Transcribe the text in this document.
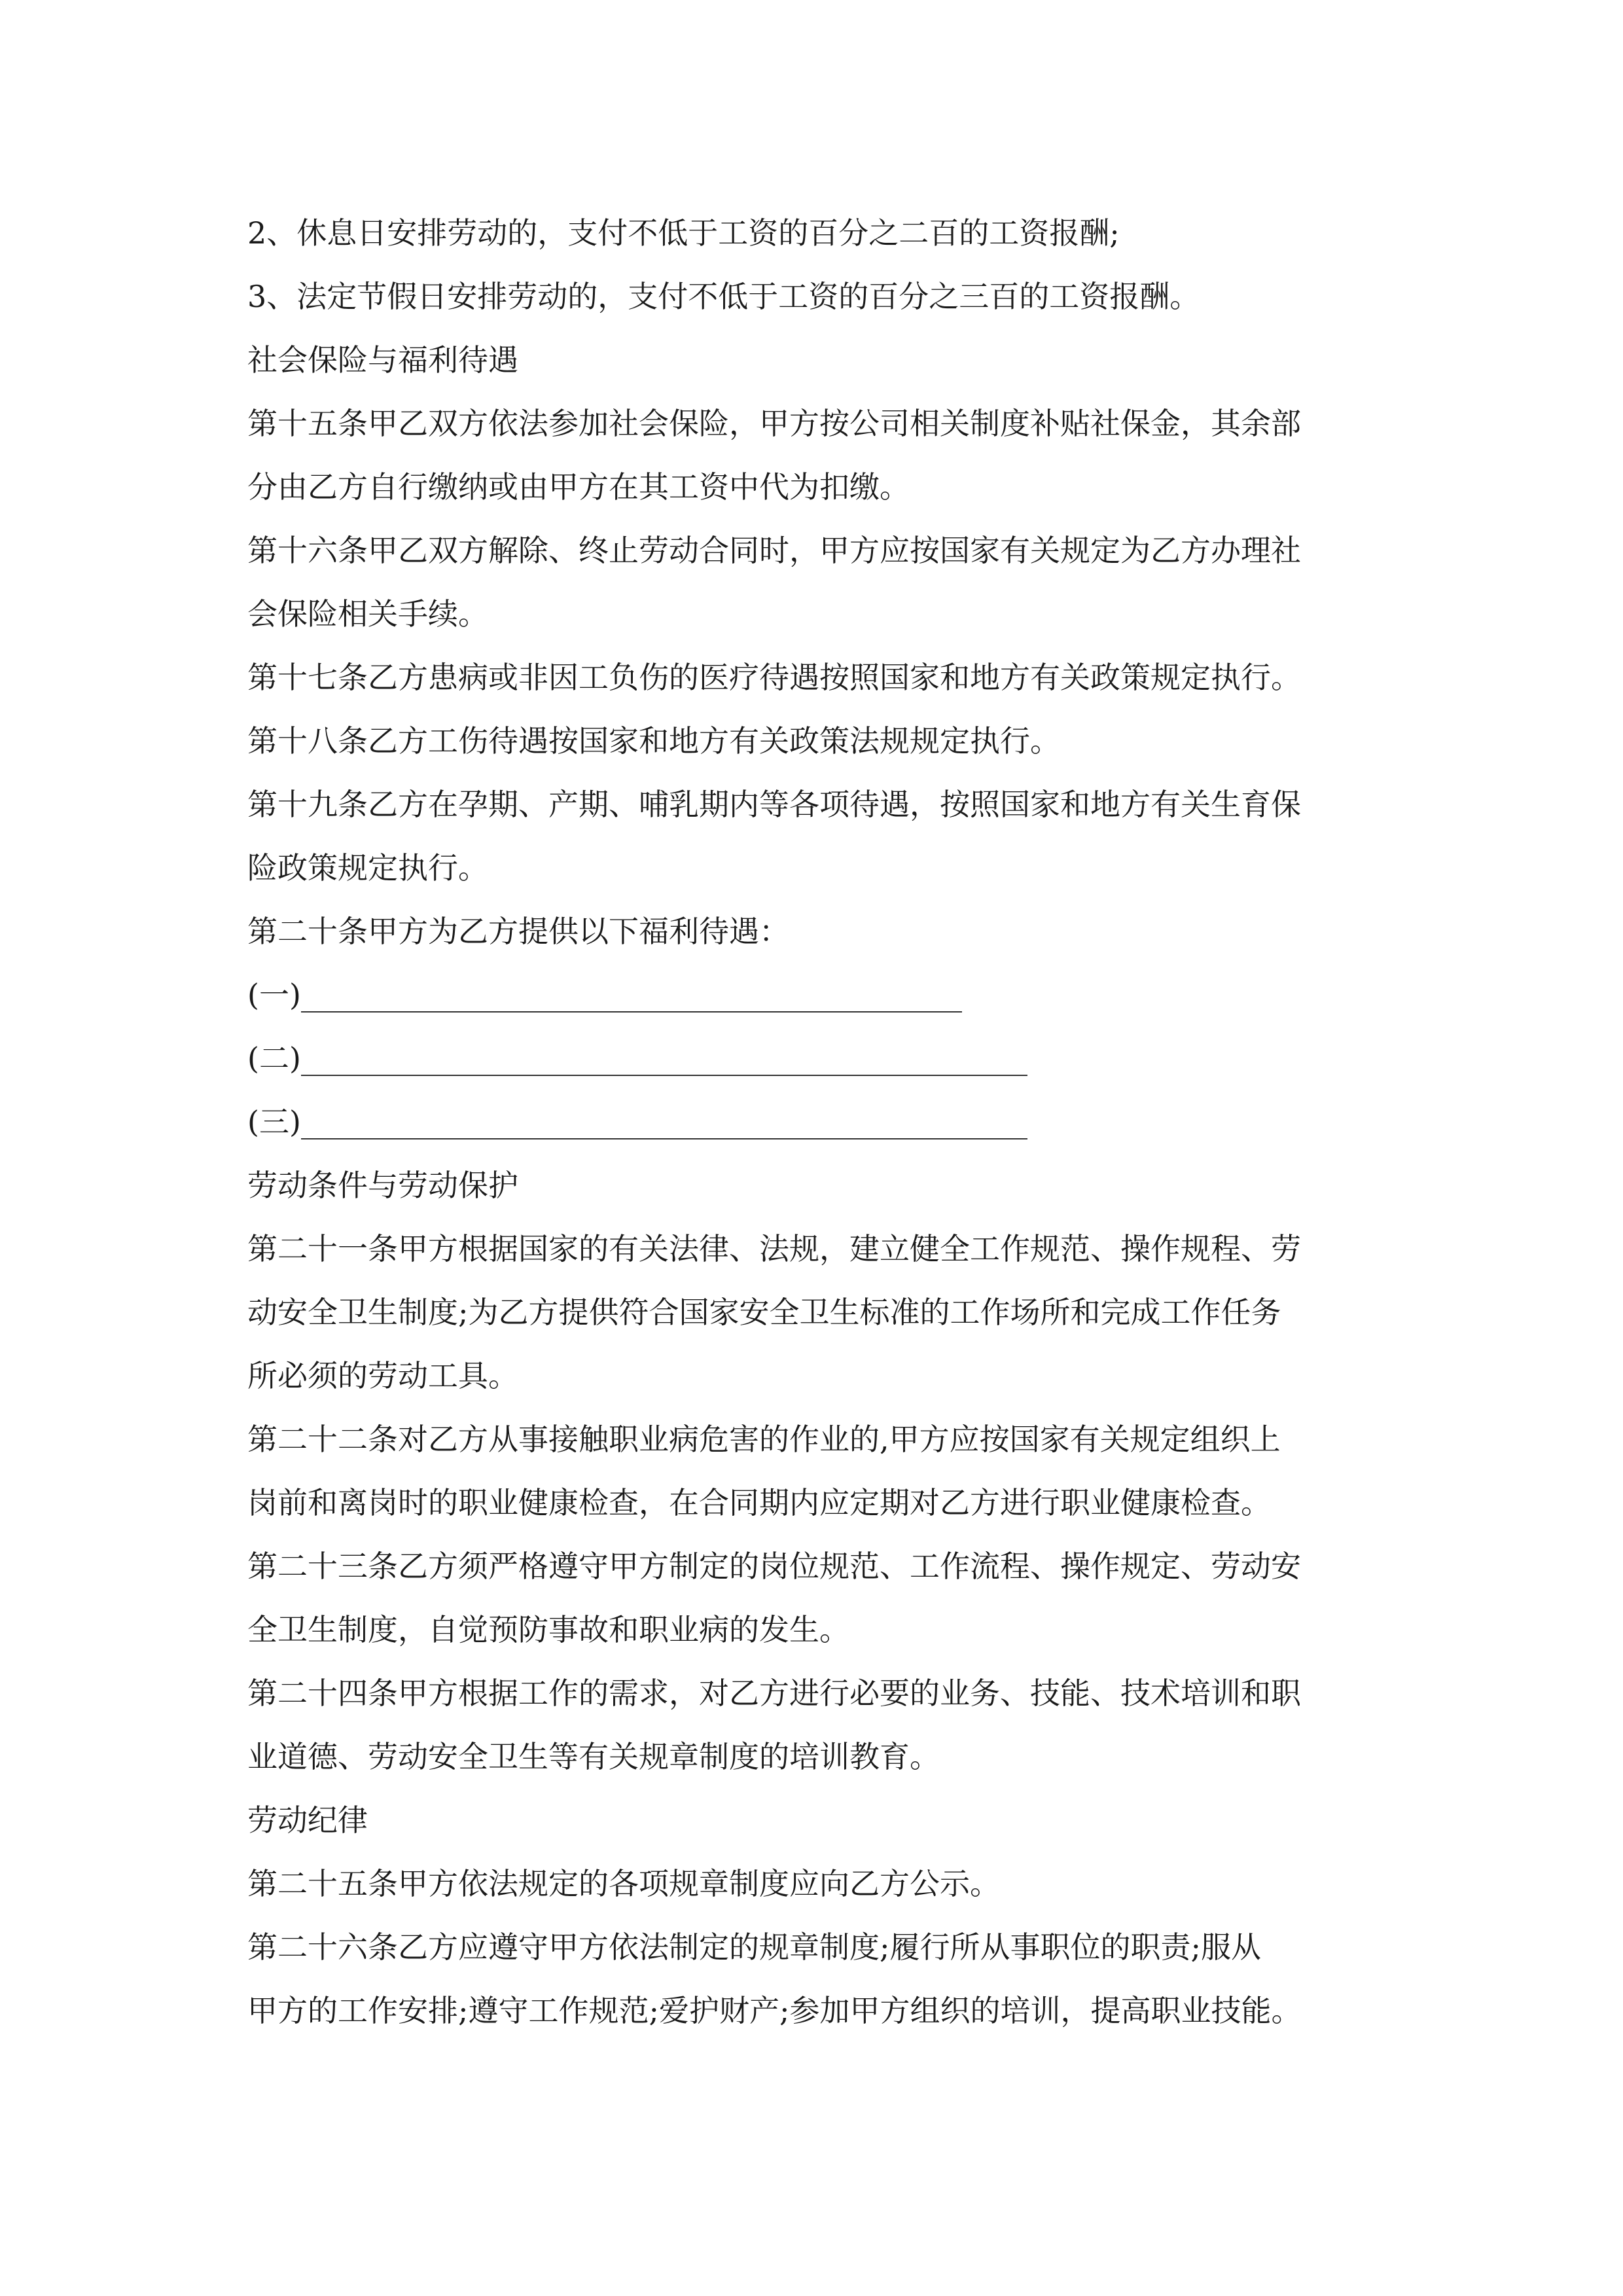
2、休息日安排劳动的，支付不低于工资的百分之二百的工资报酬;

3、法定节假日安排劳动的，支付不低于工资的百分之三百的工资报酬。

社会保险与福利待遇

第十五条甲乙双方依法参加社会保险，甲方按公司相关制度补贴社保金，其余部

分由乙方自行缴纳或由甲方在其工资中代为扣缴。

第十六条甲乙双方解除、终止劳动合同时，甲方应按国家有关规定为乙方办理社

会保险相关手续。

第十七条乙方患病或非因工负伤的医疗待遇按照国家和地方有关政策规定执行。

第十八条乙方工伤待遇按国家和地方有关政策法规规定执行。

第十九条乙方在孕期、产期、哺乳期内等各项待遇，按照国家和地方有关生育保

险政策规定执行。

第二十条甲方为乙方提供以下福利待遇：

(一)
(二)
(三)

劳动条件与劳动保护

第二十一条甲方根据国家的有关法律、法规，建立健全工作规范、操作规程、劳

动安全卫生制度;为乙方提供符合国家安全卫生标准的工作场所和完成工作任务

所必须的劳动工具。

第二十二条对乙方从事接触职业病危害的作业的,甲方应按国家有关规定组织上

岗前和离岗时的职业健康检查，在合同期内应定期对乙方进行职业健康检查。

第二十三条乙方须严格遵守甲方制定的岗位规范、工作流程、操作规定、劳动安

全卫生制度，自觉预防事故和职业病的发生。

第二十四条甲方根据工作的需求，对乙方进行必要的业务、技能、技术培训和职

业道德、劳动安全卫生等有关规章制度的培训教育。

劳动纪律

第二十五条甲方依法规定的各项规章制度应向乙方公示。

第二十六条乙方应遵守甲方依法制定的规章制度;履行所从事职位的职责;服从

甲方的工作安排;遵守工作规范;爱护财产;参加甲方组织的培训，提高职业技能。
